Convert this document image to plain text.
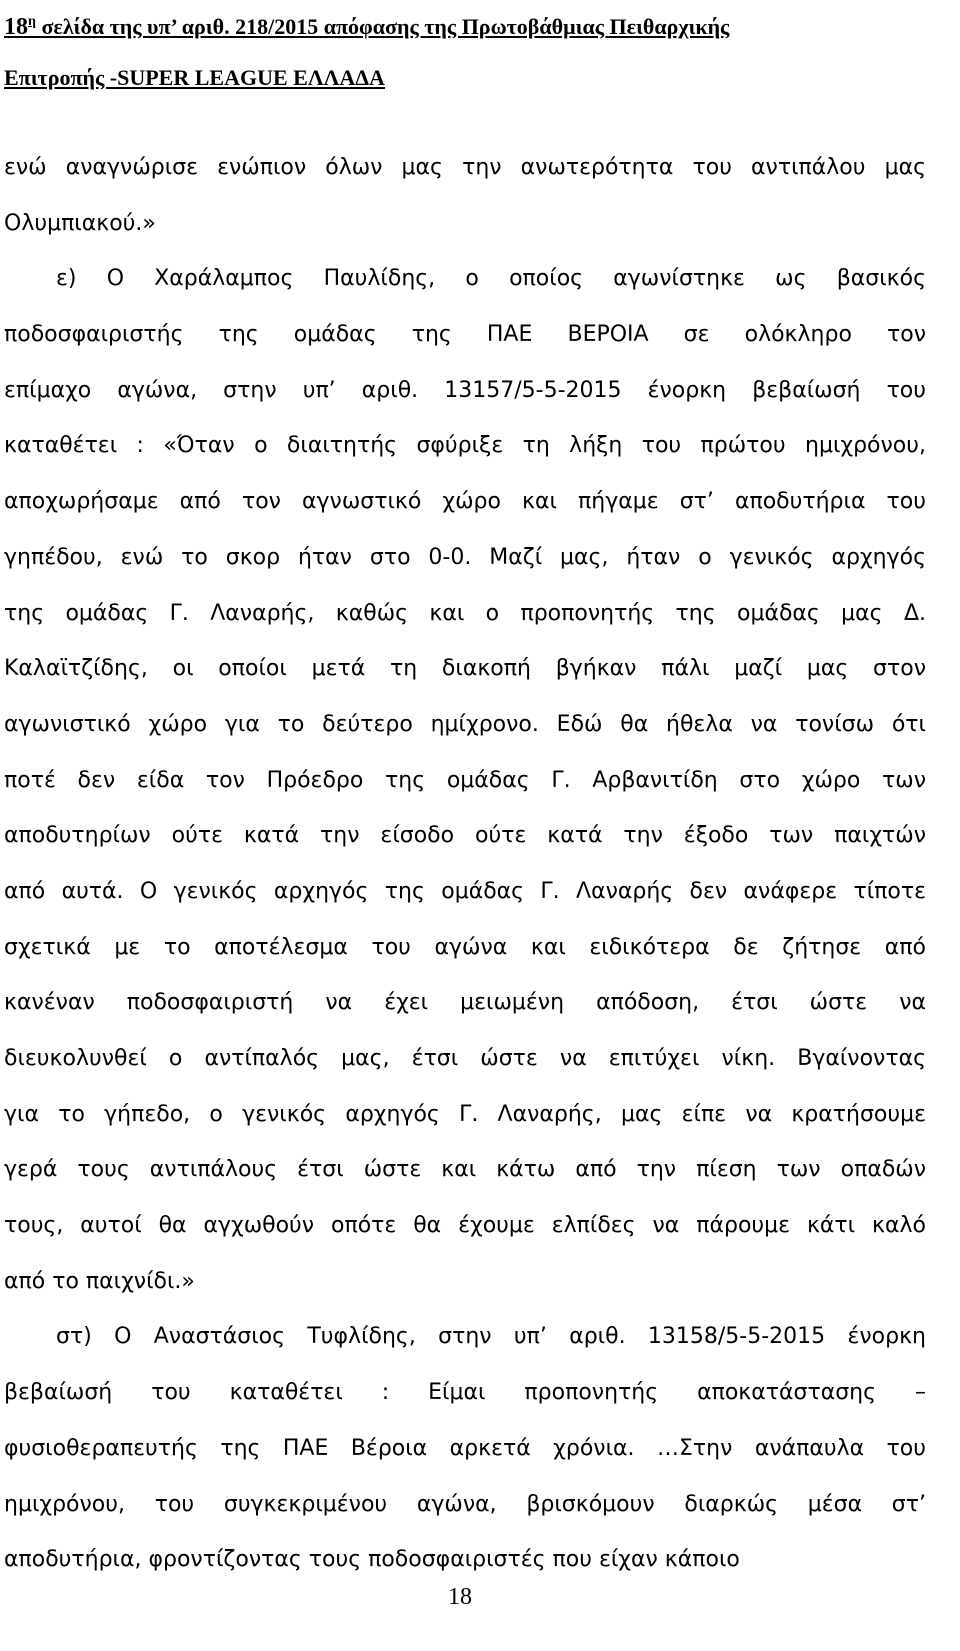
$18^\eta$ σελίδα της υπ’ αριθ. 218/2015 απόφασης της Πρωτοβάθμιας Πειθαρχικής
Επιτροπής -SUPER LEAGUE ΕΛΛΑΔΑ
ενώ αναγνώρισε ενώπιον όλων μας την ανωτερότητα του αντιπάλου μας
Ολυμπιακού.»
ε) Ο Χαράλαμπος Παυλίδης, ο οποίος αγωνίστηκε ως βασικός
ποδοσφαιριστής της ομάδας της ΠΑΕ ΒΕΡΟΙΑ σε ολόκληρο τον
επίμαχο αγώνα, στην υπ’ αριθ. 13157/5-5-2015 ένορκη βεβαίωσή του
καταθέτει : «Όταν ο διαιτητής σφύριξε τη λήξη του πρώτου ημιχρόνου,
αποχωρήσαμε από τον αγνωστικό χώρο και πήγαμε στ’ αποδυτήρια του
γηπέδου, ενώ το σκορ ήταν στο 0-0. Μαζί μας, ήταν ο γενικός αρχηγός
της ομάδας Γ. Λαναρής, καθώς και ο προπονητής της ομάδας μας Δ.
Καλαϊτζίδης, οι οποίοι μετά τη διακοπή βγήκαν πάλι μαζί μας στον
αγωνιστικό χώρο για το δεύτερο ημίχρονο. Εδώ θα ήθελα να τονίσω ότι
ποτέ δεν είδα τον Πρόεδρο της ομάδας Γ. Αρβανιτίδη στο χώρο των
αποδυτηρίων ούτε κατά την είσοδο ούτε κατά την έξοδο των παιχτών
από αυτά. Ο γενικός αρχηγός της ομάδας Γ. Λαναρής δεν ανάφερε τίποτε
σχετικά με το αποτέλεσμα του αγώνα και ειδικότερα δε ζήτησε από
κανέναν ποδοσφαιριστή να έχει μειωμένη απόδοση, έτσι ώστε να
διευκολυνθεί ο αντίπαλός μας, έτσι ώστε να επιτύχει νίκη. Βγαίνοντας
για το γήπεδο, ο γενικός αρχηγός Γ. Λαναρής, μας είπε να κρατήσουμε
γερά τους αντιπάλους έτσι ώστε και κάτω από την πίεση των οπαδών
τους, αυτοί θα αγχωθούν οπότε θα έχουμε ελπίδες να πάρουμε κάτι καλό
από το παιχνίδι.»
στ) Ο Αναστάσιος Τυφλίδης, στην υπ’ αριθ. 13158/5-5-2015 ένορκη
βεβαίωσή του καταθέτει : Είμαι προπονητής αποκατάστασης –
φυσιοθεραπευτής της ΠΑΕ Βέροια αρκετά χρόνια. …Στην ανάπαυλα του
ημιχρόνου, του συγκεκριμένου αγώνα, βρισκόμουν διαρκώς μέσα στ’
αποδυτήρια, φροντίζοντας τους ποδοσφαιριστές που είχαν κάποιο
18
